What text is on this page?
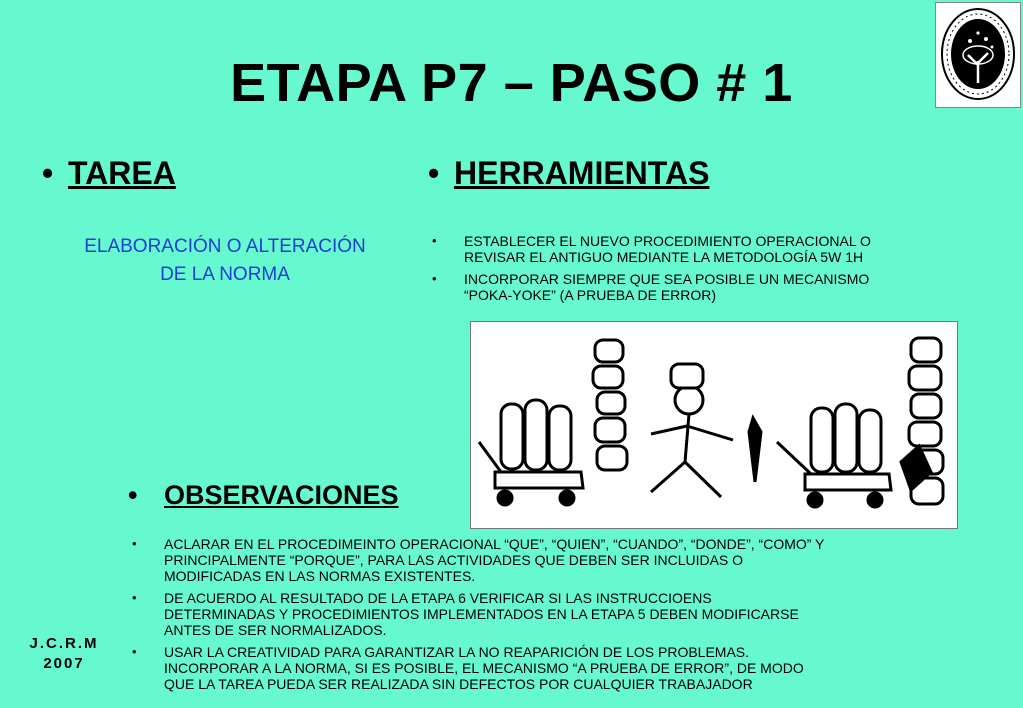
ETAPA P7 – PASO # 1
• TAREA
ELABORACIÓN O ALTERACIÓN
DE LA NORMA
• HERRAMIENTAS
• ESTABLECER EL NUEVO PROCEDIMIENTO OPERACIONAL O
REVISAR EL ANTIGUO MEDIANTE LA METODOLOGÍA 5W 1H
• INCORPORAR SIEMPRE QUE SEA POSIBLE UN MECANISMO
“POKA-YOKE” (A PRUEBA DE ERROR)
• OBSERVACIONES
• ACLARAR EN EL PROCEDIMEINTO OPERACIONAL “QUE”, “QUIEN”, “CUANDO”, “DONDE”, “COMO” Y
PRINCIPALMENTE “PORQUE”, PARA LAS ACTIVIDADES QUE DEBEN SER INCLUIDAS O
MODIFICADAS EN LAS NORMAS EXISTENTES.
• DE ACUERDO AL RESULTADO DE LA ETAPA 6 VERIFICAR SI LAS INSTRUCCIOENS
DETERMINADAS Y PROCEDIMIENTOS IMPLEMENTADOS EN LA ETAPA 5 DEBEN MODIFICARSE
ANTES DE SER NORMALIZADOS.
• USAR LA CREATIVIDAD PARA GARANTIZAR LA NO REAPARICIÓN DE LOS PROBLEMAS.
INCORPORAR A LA NORMA, SI ES POSIBLE, EL MECANISMO “A PRUEBA DE ERROR”, DE MODO
QUE LA TAREA PUEDA SER REALIZADA SIN DEFECTOS POR CUALQUIER TRABAJADOR
J.C.R.M
2007
